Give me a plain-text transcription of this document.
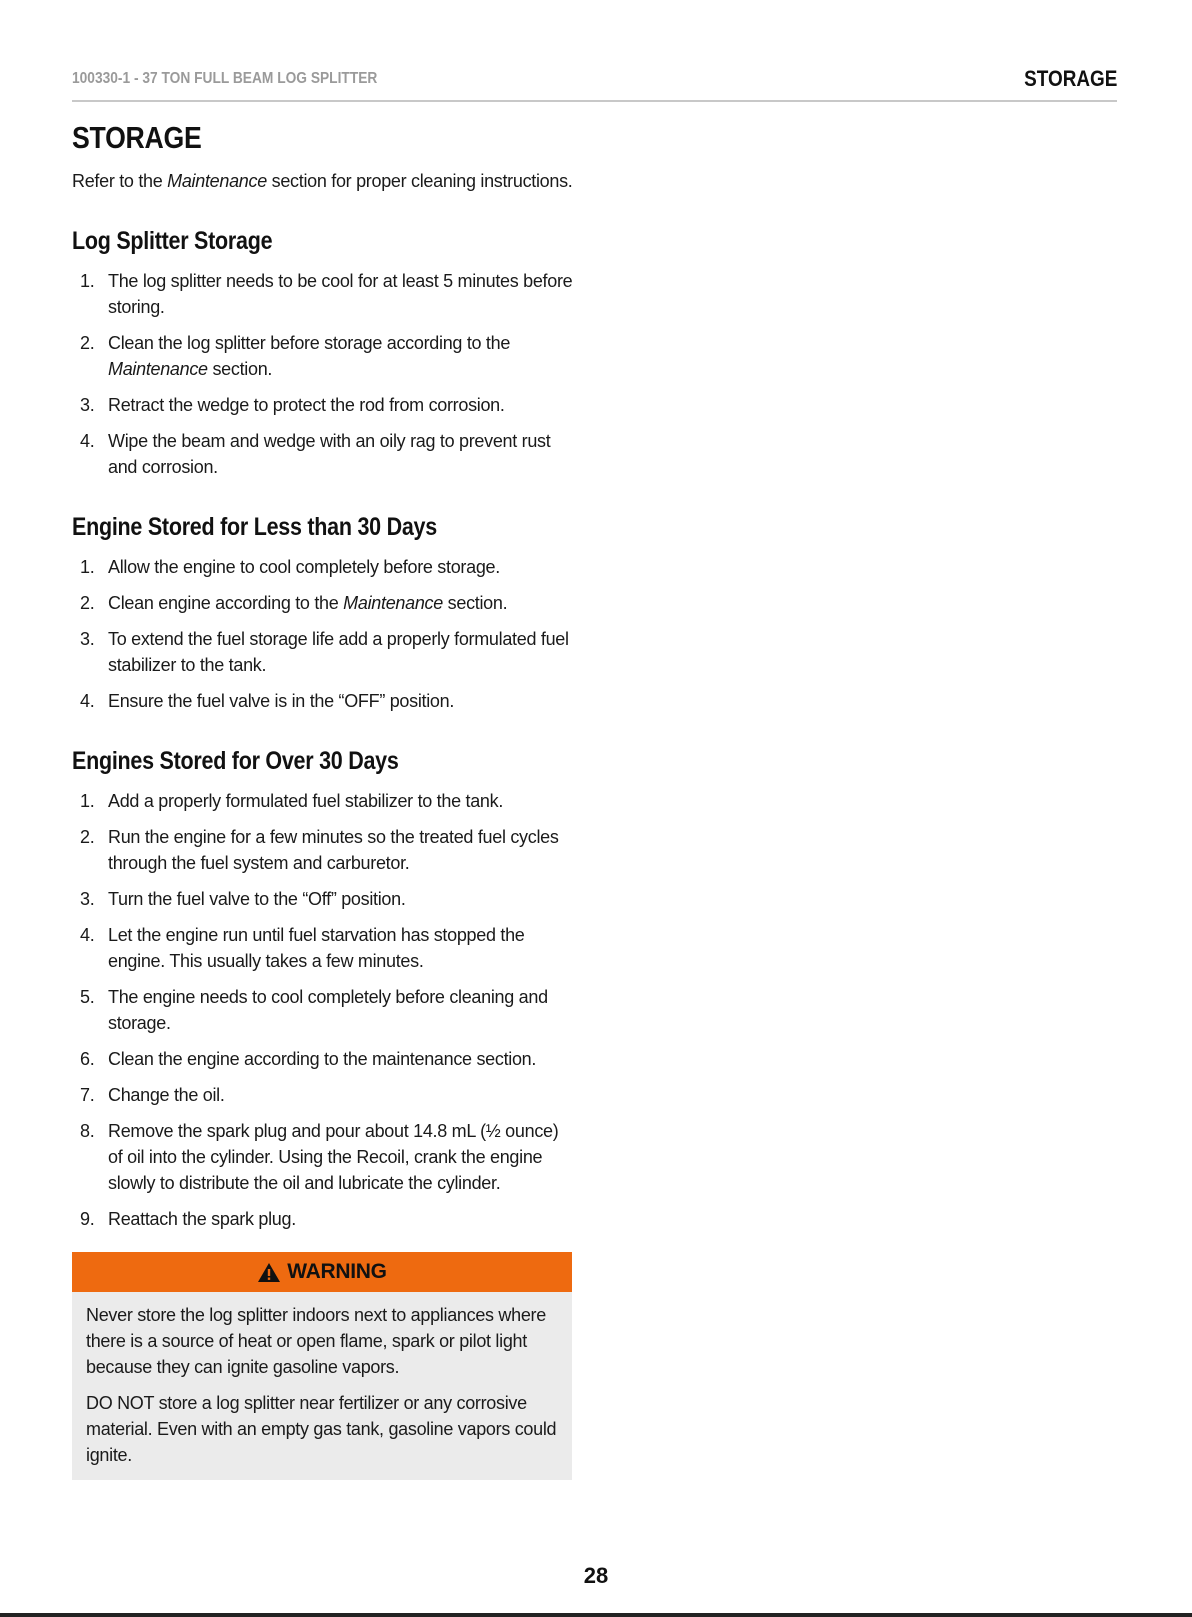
100330-1 - 37 TON FULL BEAM LOG SPLITTER	STORAGE
STORAGE

Refer to the Maintenance section for proper cleaning instructions.

Log Splitter Storage
1. The log splitter needs to be cool for at least 5 minutes before storing.
2. Clean the log splitter before storage according to the
Maintenance section.
3. Retract the wedge to protect the rod from corrosion.
4. Wipe the beam and wedge with an oily rag to prevent rust and corrosion.
Engine Stored for Less than 30 Days
1. Allow the engine to cool completely before storage.
2. Clean engine according to the Maintenance section.
3. To extend the fuel storage life add a properly formulated fuel stabilizer to the tank.
4. Ensure the fuel valve is in the “OFF” position.
Engines Stored for Over 30 Days
1. Add a properly formulated fuel stabilizer to the tank.
2. Run the engine for a few minutes so the treated fuel cycles through the fuel system and carburetor.
3. Turn the fuel valve to the “Off” position.
4. Let the engine run until fuel starvation has stopped the engine. This usually takes a few minutes.
5. The engine needs to cool completely before cleaning and storage.
6. Clean the engine according to the maintenance section.
7. Change the oil.
8. Remove the spark plug and pour about 14.8 mL (½ ounce) of oil into the cylinder. Using the Recoil, crank the engine slowly to distribute the oil and lubricate the cylinder.
9. Reattach the spark plug.
WARNING

Never store the log splitter indoors next to appliances where there is a source of heat or open flame, spark or pilot light because they can ignite gasoline vapors.

DO NOT store a log splitter near fertilizer or any corrosive material. Even with an empty gas tank, gasoline vapors could ignite.

28
